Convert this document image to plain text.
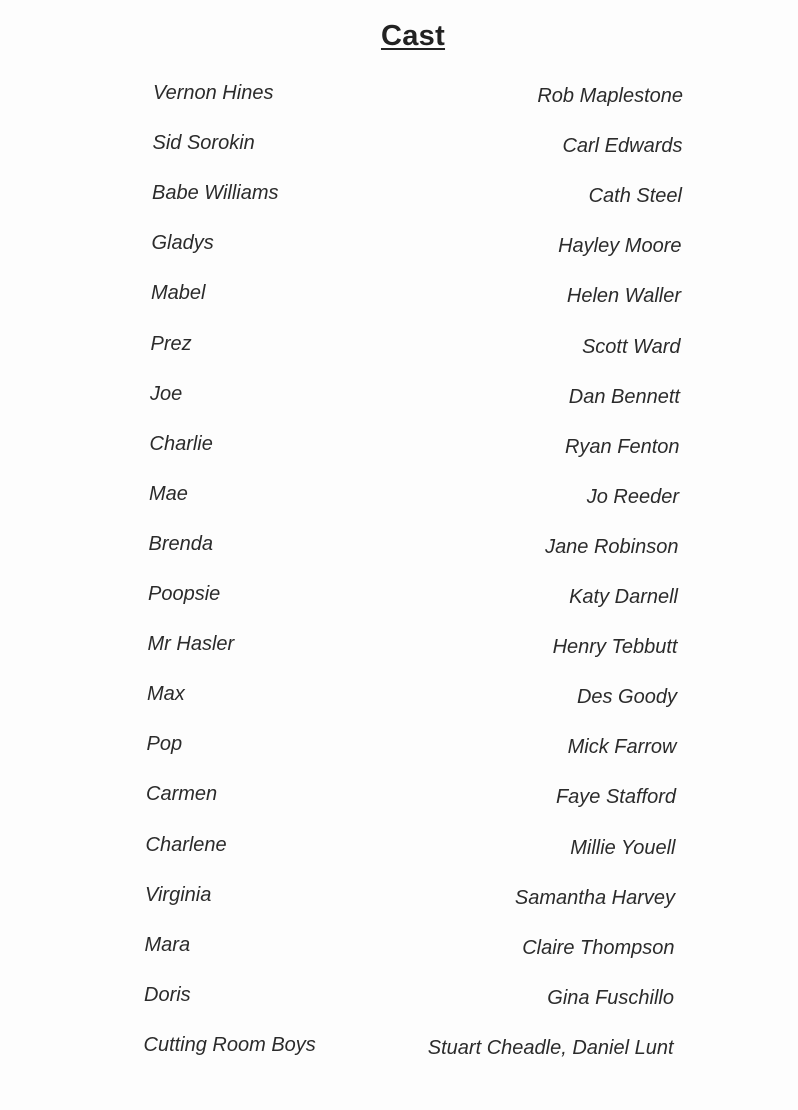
Cast
Vernon Hines	Rob Maplestone
Sid Sorokin	Carl Edwards
Babe Williams	Cath Steel
Gladys	Hayley Moore
Mabel	Helen Waller
Prez	Scott Ward
Joe	Dan Bennett
Charlie	Ryan Fenton
Mae	Jo Reeder
Brenda	Jane Robinson
Poopsie	Katy Darnell
Mr Hasler	Henry Tebbutt
Max	Des Goody
Pop	Mick Farrow
Carmen	Faye Stafford
Charlene	Millie Youell
Virginia	Samantha Harvey
Mara	Claire Thompson
Doris	Gina Fuschillo
Cutting Room Boys	Stuart Cheadle, Daniel Lunt
